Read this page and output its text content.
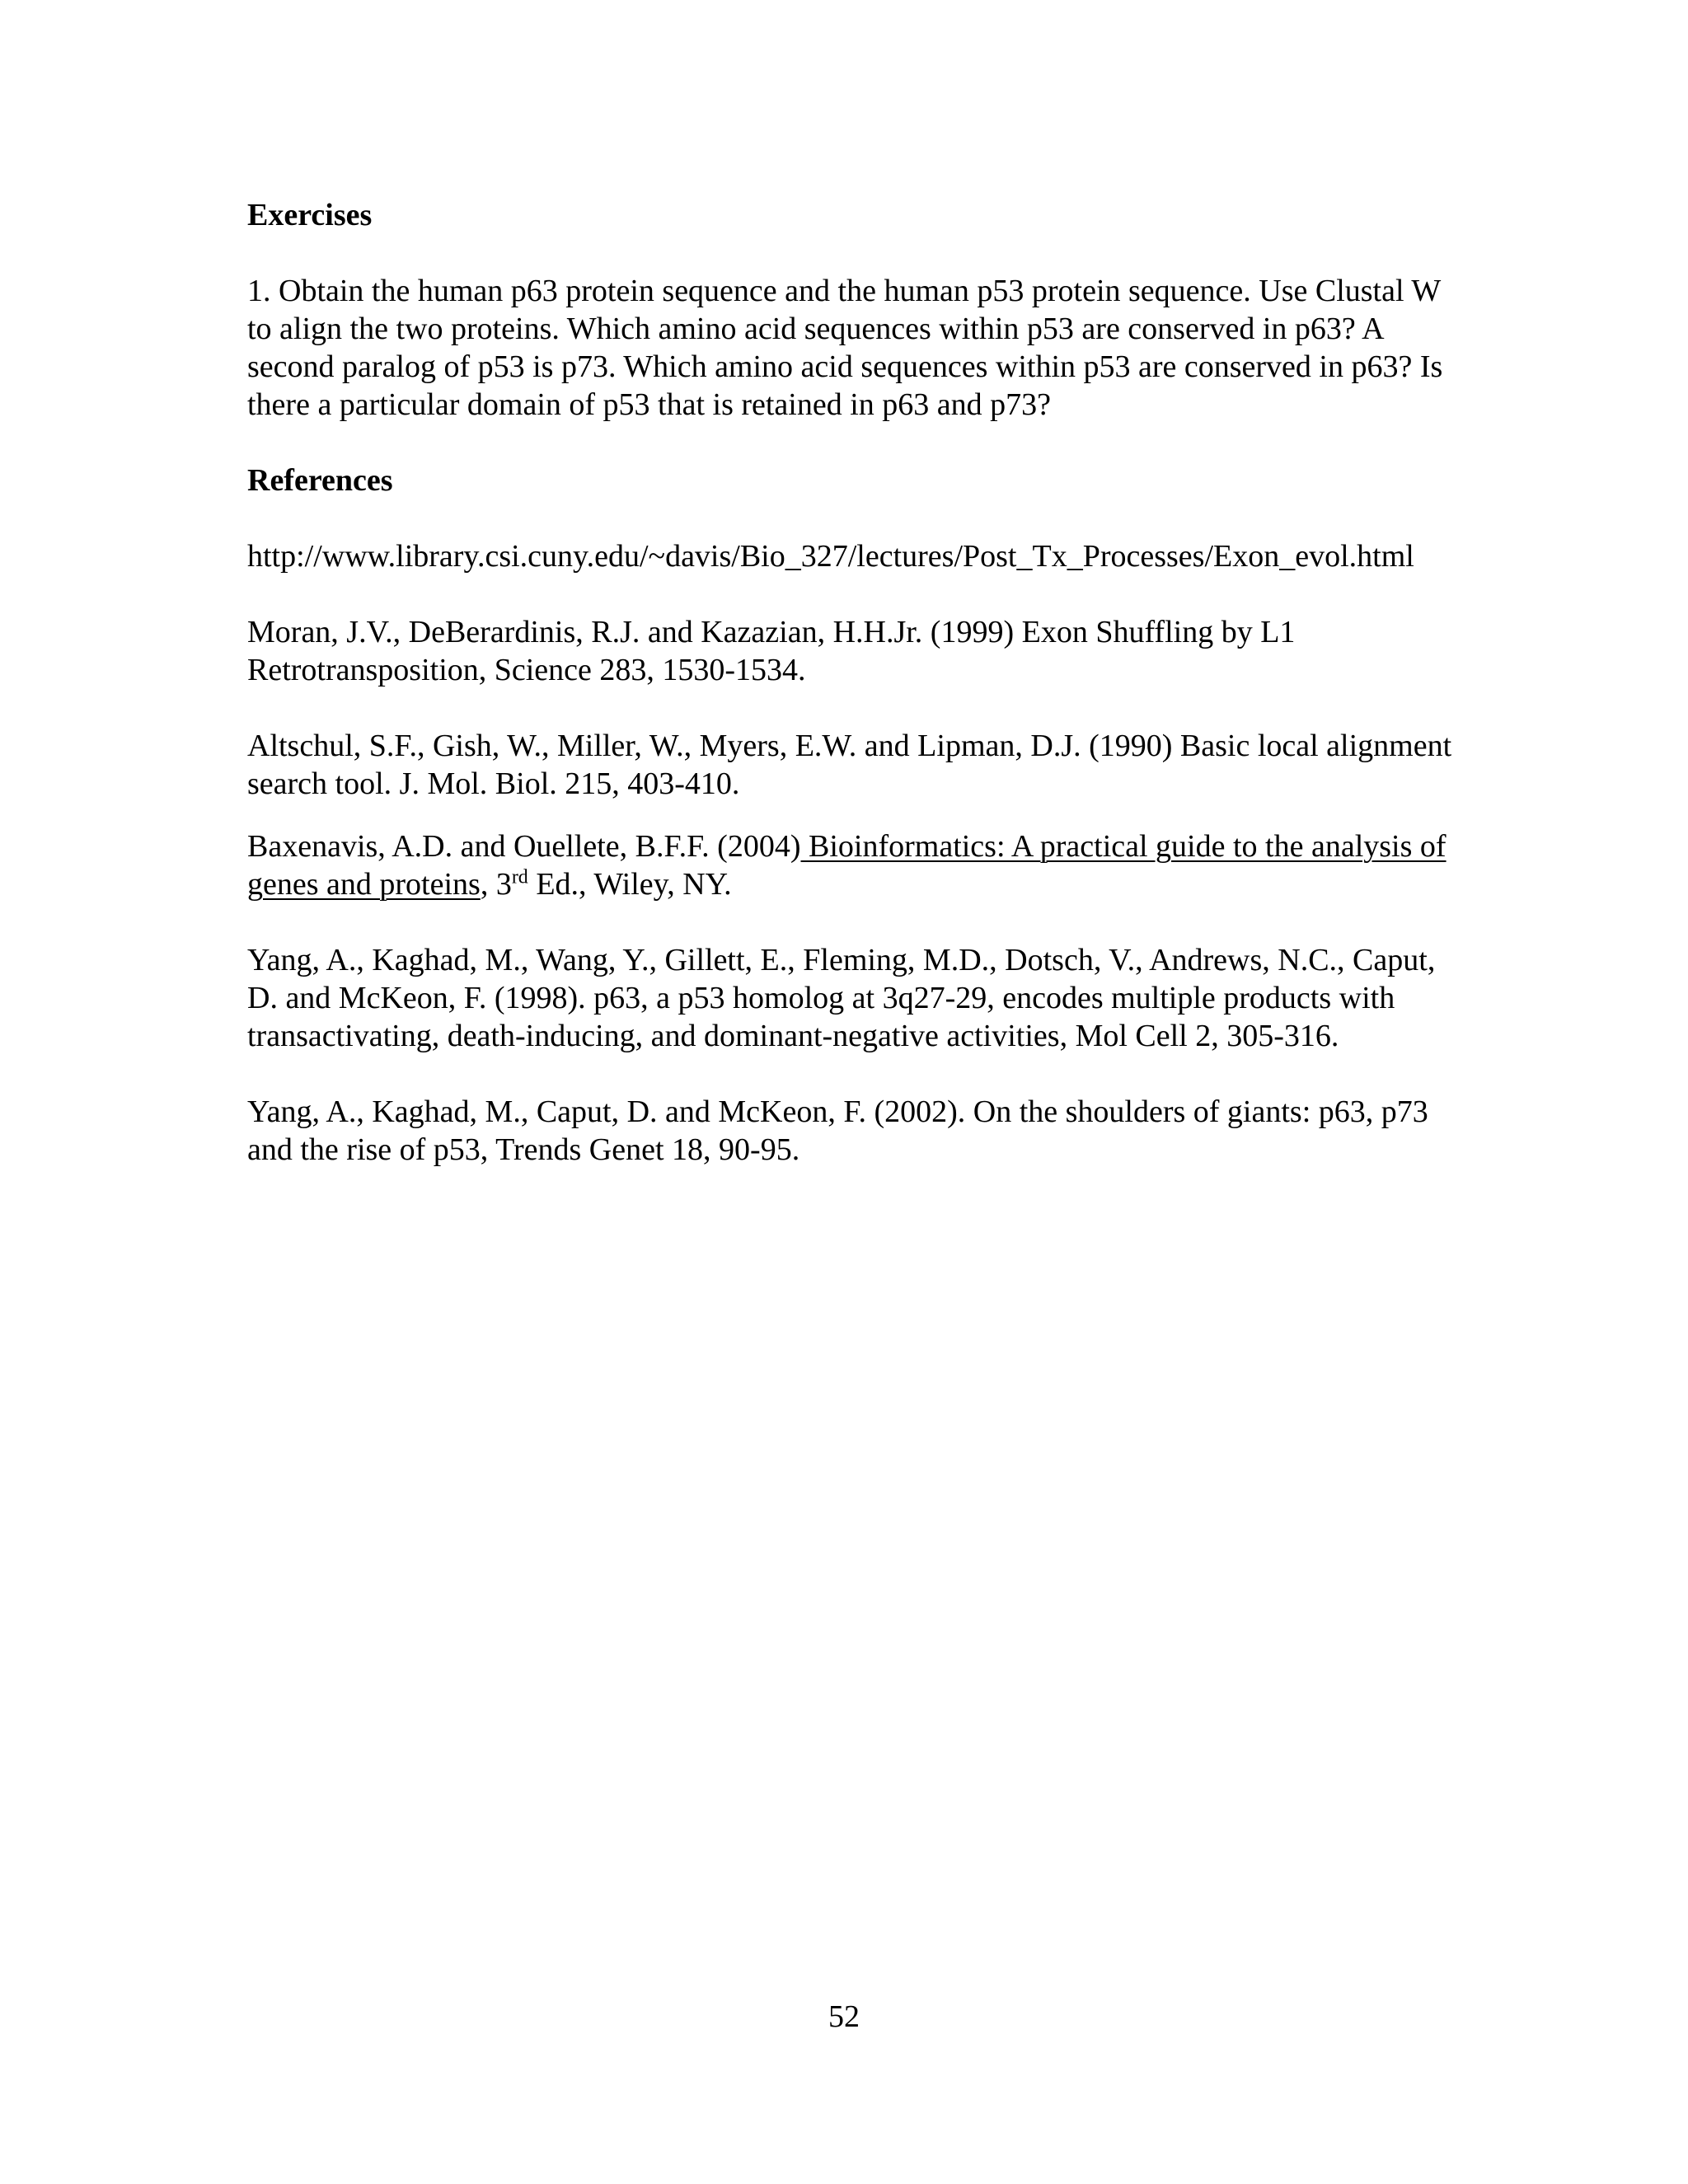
Exercises

1. Obtain the human p63 protein sequence and the human p53 protein sequence. Use Clustal W to align the two proteins. Which amino acid sequences within p53 are conserved in p63? A second paralog of p53 is p73. Which amino acid sequences within p53 are conserved in p63? Is there a particular domain of p53 that is retained in p63 and p73?

References

http://www.library.csi.cuny.edu/~davis/Bio_327/lectures/Post_Tx_Processes/Exon_evol.html

Moran, J.V., DeBerardinis, R.J. and Kazazian, H.H.Jr. (1999) Exon Shuffling by L1 Retrotransposition, Science 283, 1530-1534.

Altschul, S.F., Gish, W., Miller, W., Myers, E.W. and Lipman, D.J. (1990) Basic local alignment search tool. J. Mol. Biol. 215, 403-410.

Baxenavis, A.D. and Ouellete, B.F.F. (2004) Bioinformatics: A practical guide to the analysis of genes and proteins, 3rd Ed., Wiley, NY.

Yang, A., Kaghad, M., Wang, Y., Gillett, E., Fleming, M.D., Dotsch, V., Andrews, N.C., Caput, D. and McKeon, F. (1998). p63, a p53 homolog at 3q27-29, encodes multiple products with transactivating, death-inducing, and dominant-negative activities, Mol Cell 2, 305-316.

Yang, A., Kaghad, M., Caput, D. and McKeon, F. (2002). On the shoulders of giants: p63, p73 and the rise of p53, Trends Genet 18, 90-95.

52
